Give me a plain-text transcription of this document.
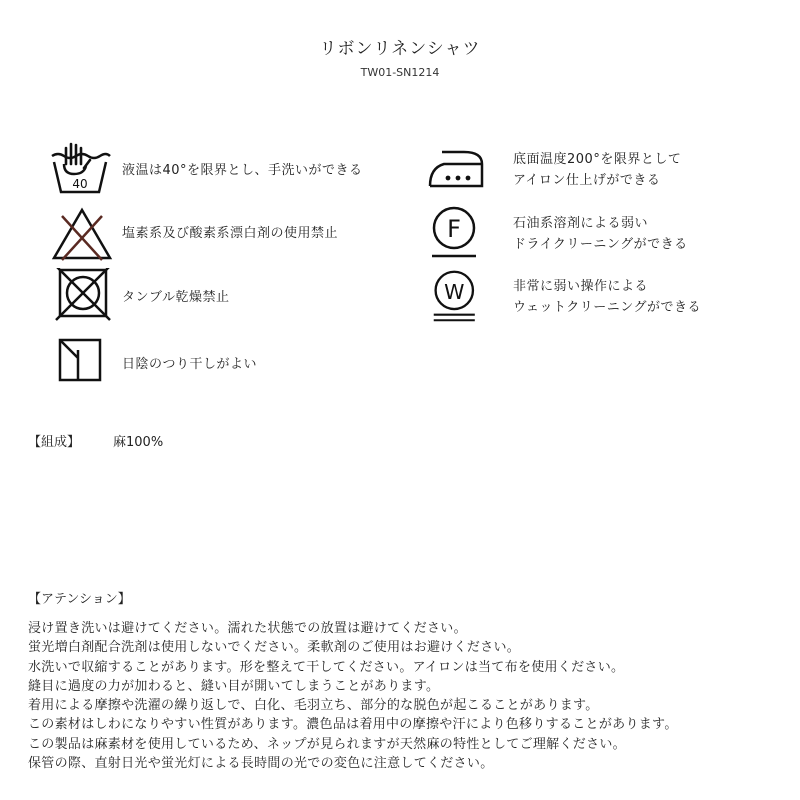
リボンリネンシャツ
TW01-SN1214
40
液温は40°を限界とし、手洗いができる
塩素系及び酸素系漂白剤の使用禁止
タンブル乾燥禁止
日陰のつり干しがよい
底面温度200°を限界として
アイロン仕上げができる
F	石油系溶剤による弱い
ドライクリーニングができる
W	非常に弱い操作による
ウェットクリーニングができる
【組成】	麻100%
【アテンション】
浸け置き洗いは避けてください。濡れた状態での放置は避けてください。
蛍光増白剤配合洗剤は使用しないでください。柔軟剤のご使用はお避けください。
水洗いで収縮することがあります。形を整えて干してください。アイロンは当て布を使用ください。
縫目に過度の力が加わると、縫い目が開いてしまうことがあります。
着用による摩擦や洗濯の繰り返しで、白化、毛羽立ち、部分的な脱色が起こることがあります。
この素材はしわになりやすい性質があります。濃色品は着用中の摩擦や汗により色移りすることがあります。
この製品は麻素材を使用しているため、ネップが見られますが天然麻の特性としてご理解ください。
保管の際、直射日光や蛍光灯による長時間の光での変色に注意してください。
